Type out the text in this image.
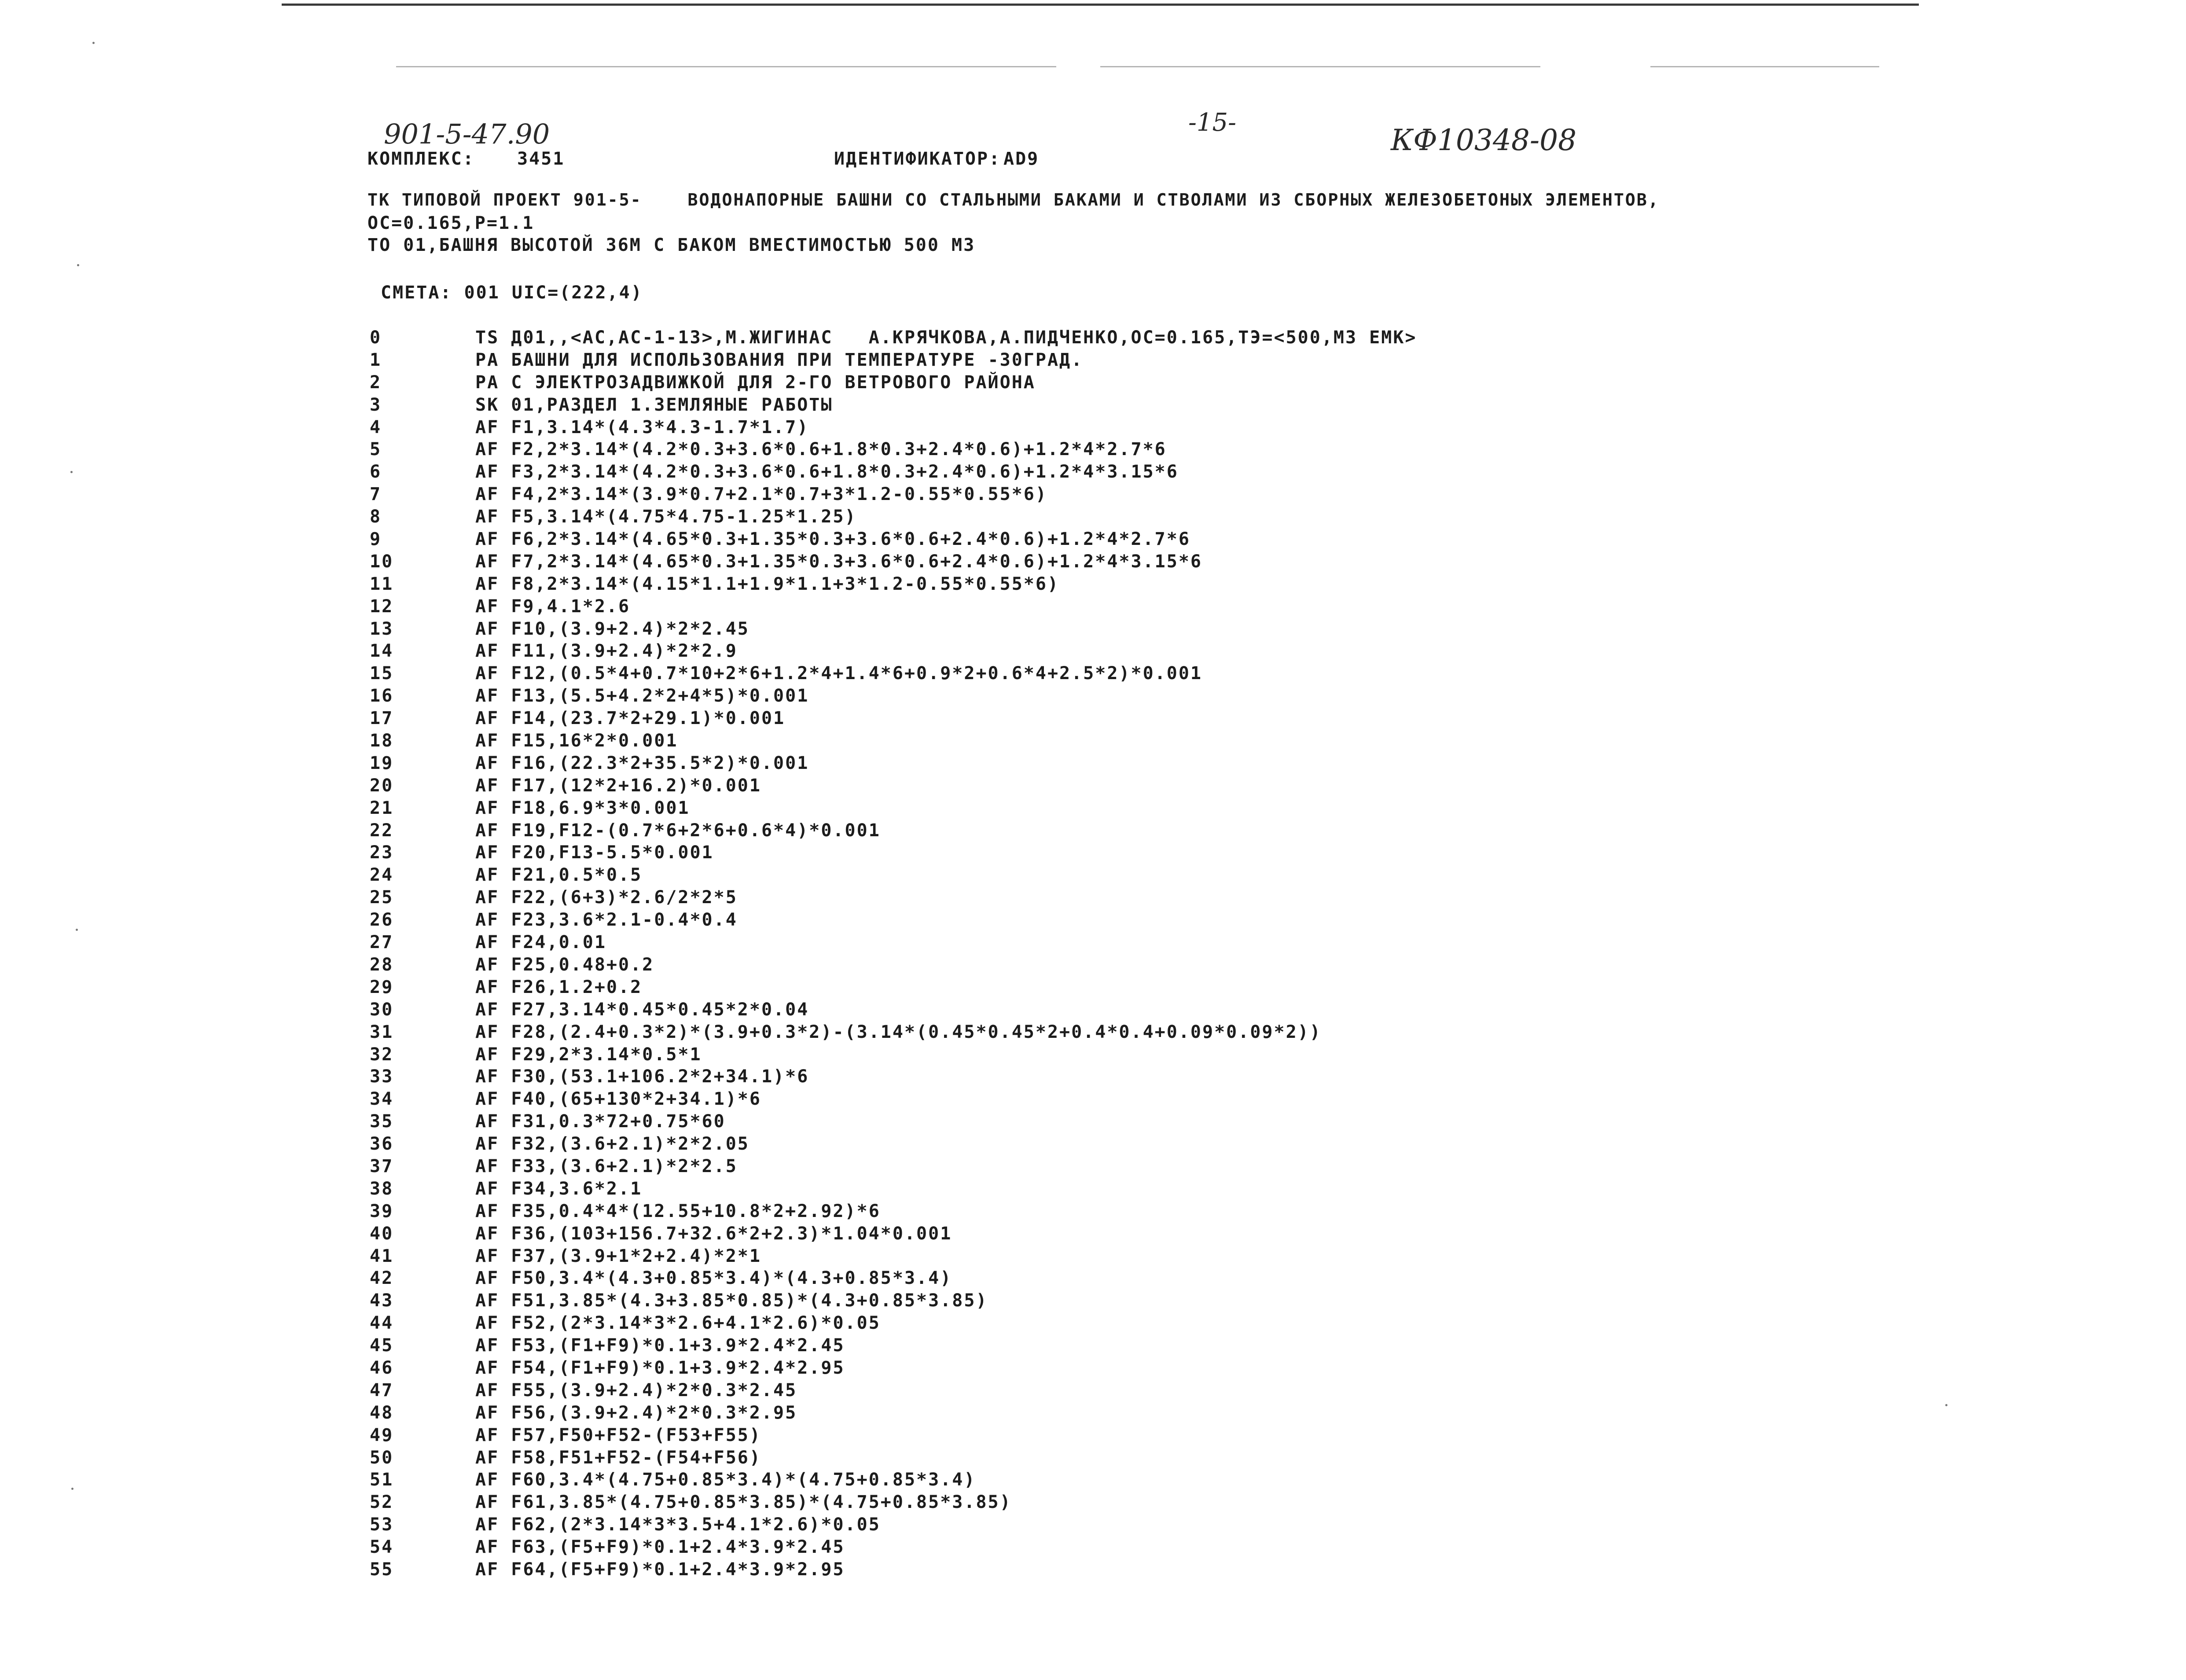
901-5-47.90	-15-
КФ10348-08
КОМПЛЕКС: 3451	ИДЕНТИФИКАТОР: AD9
ТК ТИПОВОЙ ПРОЕКТ 901-5-    ВОДОНАПОРНЫЕ БАШНИ СО СТАЛЬНЫМИ БАКАМИ И СТВОЛАМИ ИЗ СБОРНЫХ ЖЕЛЕЗОБЕТОНЫХ ЭЛЕМЕНТОВ,
ОС=0.165,Р=1.1
ТО 01,БАШНЯ ВЫСОТОЙ 36М С БАКОМ ВМЕСТИМОСТЬЮ 500 М3
СМЕТА: 001 UIC=(222,4)
0	TS Д01,,<АС,АС-1-13>,М.ЖИГИНАС   А.КРЯЧКОВА,А.ПИДЧЕНКО,ОС=0.165,ТЭ=<500,М3 ЕМК>
1	PA БАШНИ ДЛЯ ИСПОЛЬЗОВАНИЯ ПРИ ТЕМПЕРАТУРЕ -30ГРАД.
2	PA С ЭЛЕКТРОЗАДВИЖКОЙ ДЛЯ 2-ГО ВЕТРОВОГО РАЙОНА
3	SK 01,РАЗДЕЛ 1.ЗЕМЛЯНЫЕ РАБОТЫ
4	AF F1,3.14*(4.3*4.3-1.7*1.7)
5	AF F2,2*3.14*(4.2*0.3+3.6*0.6+1.8*0.3+2.4*0.6)+1.2*4*2.7*6
6	AF F3,2*3.14*(4.2*0.3+3.6*0.6+1.8*0.3+2.4*0.6)+1.2*4*3.15*6
7	AF F4,2*3.14*(3.9*0.7+2.1*0.7+3*1.2-0.55*0.55*6)
8	AF F5,3.14*(4.75*4.75-1.25*1.25)
9	AF F6,2*3.14*(4.65*0.3+1.35*0.3+3.6*0.6+2.4*0.6)+1.2*4*2.7*6
10	AF F7,2*3.14*(4.65*0.3+1.35*0.3+3.6*0.6+2.4*0.6)+1.2*4*3.15*6
11	AF F8,2*3.14*(4.15*1.1+1.9*1.1+3*1.2-0.55*0.55*6)
12	AF F9,4.1*2.6
13	AF F10,(3.9+2.4)*2*2.45
14	AF F11,(3.9+2.4)*2*2.9
15	AF F12,(0.5*4+0.7*10+2*6+1.2*4+1.4*6+0.9*2+0.6*4+2.5*2)*0.001
16	AF F13,(5.5+4.2*2+4*5)*0.001
17	AF F14,(23.7*2+29.1)*0.001
18	AF F15,16*2*0.001
19	AF F16,(22.3*2+35.5*2)*0.001
20	AF F17,(12*2+16.2)*0.001
21	AF F18,6.9*3*0.001
22	AF F19,F12-(0.7*6+2*6+0.6*4)*0.001
23	AF F20,F13-5.5*0.001
24	AF F21,0.5*0.5
25	AF F22,(6+3)*2.6/2*2*5
26	AF F23,3.6*2.1-0.4*0.4
27	AF F24,0.01
28	AF F25,0.48+0.2
29	AF F26,1.2+0.2
30	AF F27,3.14*0.45*0.45*2*0.04
31	AF F28,(2.4+0.3*2)*(3.9+0.3*2)-(3.14*(0.45*0.45*2+0.4*0.4+0.09*0.09*2))
32	AF F29,2*3.14*0.5*1
33	AF F30,(53.1+106.2*2+34.1)*6
34	AF F40,(65+130*2+34.1)*6
35	AF F31,0.3*72+0.75*60
36	AF F32,(3.6+2.1)*2*2.05
37	AF F33,(3.6+2.1)*2*2.5
38	AF F34,3.6*2.1
39	AF F35,0.4*4*(12.55+10.8*2+2.92)*6
40	AF F36,(103+156.7+32.6*2+2.3)*1.04*0.001
41	AF F37,(3.9+1*2+2.4)*2*1
42	AF F50,3.4*(4.3+0.85*3.4)*(4.3+0.85*3.4)
43	AF F51,3.85*(4.3+3.85*0.85)*(4.3+0.85*3.85)
44	AF F52,(2*3.14*3*2.6+4.1*2.6)*0.05
45	AF F53,(F1+F9)*0.1+3.9*2.4*2.45
46	AF F54,(F1+F9)*0.1+3.9*2.4*2.95
47	AF F55,(3.9+2.4)*2*0.3*2.45
48	AF F56,(3.9+2.4)*2*0.3*2.95
49	AF F57,F50+F52-(F53+F55)
50	AF F58,F51+F52-(F54+F56)
51	AF F60,3.4*(4.75+0.85*3.4)*(4.75+0.85*3.4)
52	AF F61,3.85*(4.75+0.85*3.85)*(4.75+0.85*3.85)
53	AF F62,(2*3.14*3*3.5+4.1*2.6)*0.05
54	AF F63,(F5+F9)*0.1+2.4*3.9*2.45
55	AF F64,(F5+F9)*0.1+2.4*3.9*2.95
